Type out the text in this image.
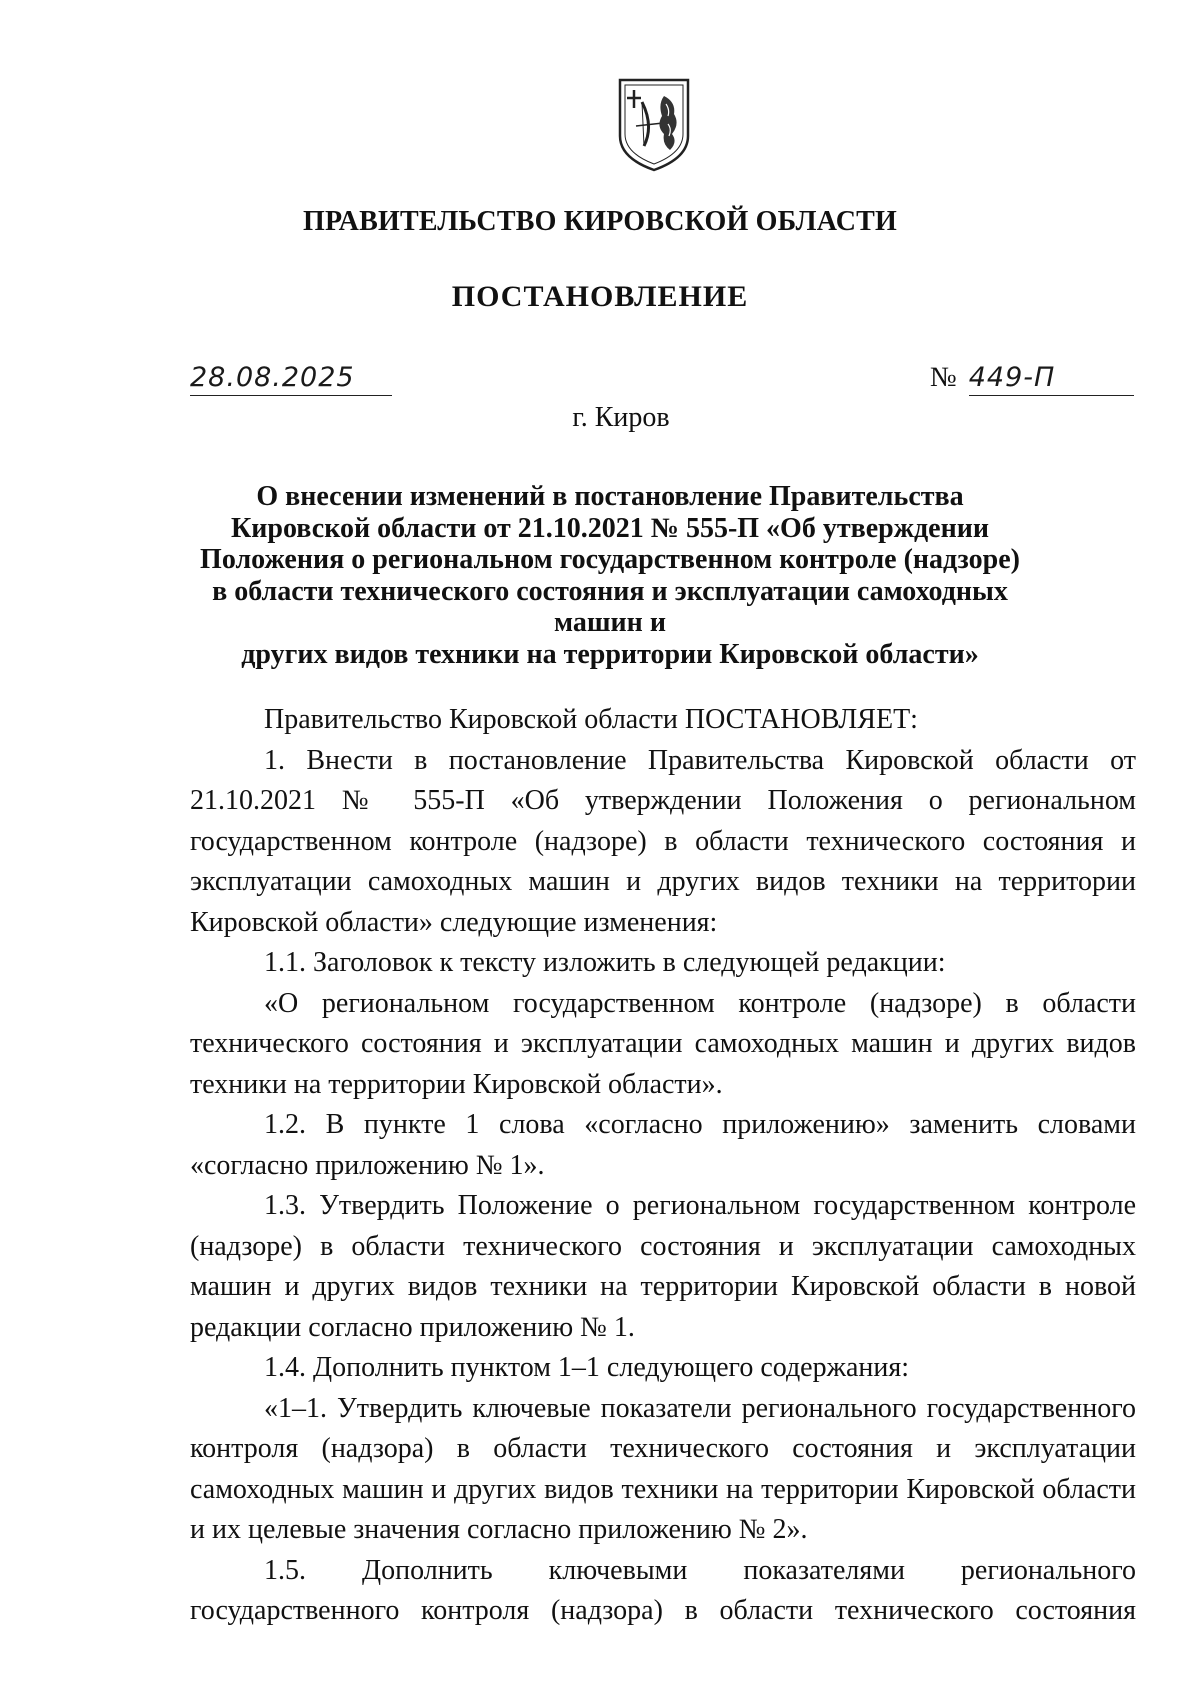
ПРАВИТЕЛЬСТВО КИРОВСКОЙ ОБЛАСТИ
ПОСТАНОВЛЕНИЕ
28.08.2025	№ 449-П
г. Киров
О внесении изменений в постановление Правительства
Кировской области от 21.10.2021 № 555-П «Об утверждении
Положения о региональном государственном контроле (надзоре)
в области технического состояния и эксплуатации самоходных машин и
других видов техники на территории Кировской области»

Правительство Кировской области ПОСТАНОВЛЯЕТ:

1. Внести в постановление Правительства Кировской области от 21.10.2021 № 555-П «Об утверждении Положения о региональном государственном контроле (надзоре) в области технического состояния и эксплуатации самоходных машин и других видов техники на территории Кировской области» следующие изменения:

1.1. Заголовок к тексту изложить в следующей редакции:

«О региональном государственном контроле (надзоре) в области технического состояния и эксплуатации самоходных машин и других видов техники на территории Кировской области».

1.2. В пункте 1 слова «согласно приложению» заменить словами «согласно приложению № 1».

1.3. Утвердить Положение о региональном государственном контроле (надзоре) в области технического состояния и эксплуатации самоходных машин и других видов техники на территории Кировской области в новой редакции согласно приложению № 1.

1.4. Дополнить пунктом 1–1 следующего содержания:

«1–1. Утвердить ключевые показатели регионального государственного контроля (надзора) в области технического состояния и эксплуатации самоходных машин и других видов техники на территории Кировской области и их целевые значения согласно приложению № 2».

1.5. Дополнить ключевыми показателями регионального государственного контроля (надзора) в области технического состояния
